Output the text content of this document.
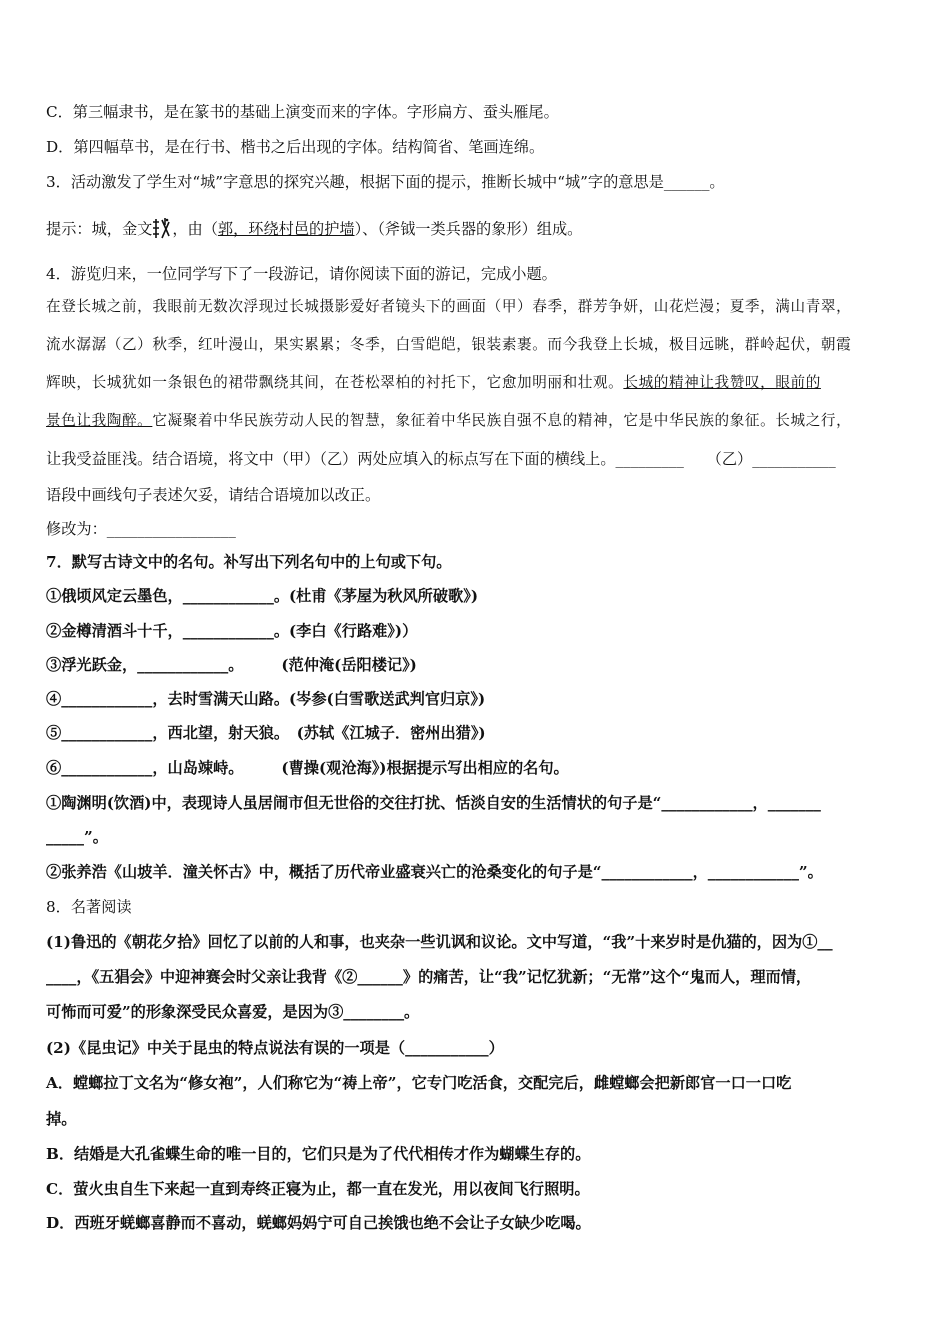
C．第三幅隶书，是在篆书的基础上演变而来的字体。字形扁方、蚕头雁尾。
D．第四幅草书，是在行书、楷书之后出现的字体。结构简省、笔画连绵。
3．活动激发了学生对“城”字意思的探究兴趣，根据下面的提示，推断长城中“城”字的意思是______。
提示：城，金文 ，由（郭，环绕村邑的护墙）、（斧钺一类兵器的象形）组成。
4．游览归来，一位同学写下了一段游记，请你阅读下面的游记，完成小题。
在登长城之前，我眼前无数次浮现过长城摄影爱好者镜头下的画面（甲）春季，群芳争妍，山花烂漫；夏季，满山青翠，
流水潺潺（乙）秋季，红叶漫山，果实累累；冬季，白雪皑皑，银装素裹。而今我登上长城，极目远眺，群岭起伏，朝霞
辉映，长城犹如一条银色的裙带飘绕其间，在苍松翠柏的衬托下，它愈加明丽和壮观。长城的精神让我赞叹，眼前的
景色让我陶醉。它凝聚着中华民族劳动人民的智慧，象征着中华民族自强不息的精神，它是中华民族的象征。长城之行，
让我受益匪浅。结合语境，将文中（甲）（乙）两处应填入的标点写在下面的横线上。_________　　（乙）___________
语段中画线句子表述欠妥，请结合语境加以改正。
修改为：_________________
7．默写古诗文中的名句。补写出下列名句中的上句或下句。
①俄顷风定云墨色，____________。(杜甫《茅屋为秋风所破歌》)
②金樽清酒斗十千，____________。(李白《行路难》)）
③浮光跃金，____________。　　　(范仲淹(岳阳楼记》)
④____________，去时雪满天山路。(岑参(白雪歌送武判官归京》)
⑤____________，西北望，射天狼。　(苏轼《江城子．密州出猎》)
⑥____________，山岛竦峙。　　　(曹操(观沧海》)根据提示写出相应的名句。
①陶渊明(饮酒)中，表现诗人虽居闹市但无世俗的交往打扰、恬淡自安的生活情状的句子是“____________，_______
_____”。
②张养浩《山坡羊．潼关怀古》中，概括了历代帝业盛衰兴亡的沧桑变化的句子是“____________，____________”。
8．名著阅读
(1)鲁迅的《朝花夕拾》回忆了以前的人和事，也夹杂一些讥讽和议论。文中写道，“我”十来岁时是仇猫的，因为①__
____，《五猖会》中迎神赛会时父亲让我背《②______》的痛苦，让“我”记忆犹新；“无常”这个“鬼而人，理而情，
可怖而可爱”的形象深受民众喜爱，是因为③________。
(2)《昆虫记》中关于昆虫的特点说法有误的一项是（___________）
A．螳螂拉丁文名为“修女袍”，人们称它为“祷上帝”，它专门吃活食，交配完后，雌螳螂会把新郎官一口一口吃
掉。
B．结婚是大孔雀蝶生命的唯一目的，它们只是为了代代相传才作为蝴蝶生存的。
C．萤火虫自生下来起一直到寿终正寝为止，都一直在发光，用以夜间飞行照明。
D．西班牙蜣螂喜静而不喜动，蜣螂妈妈宁可自己挨饿也绝不会让子女缺少吃喝。
